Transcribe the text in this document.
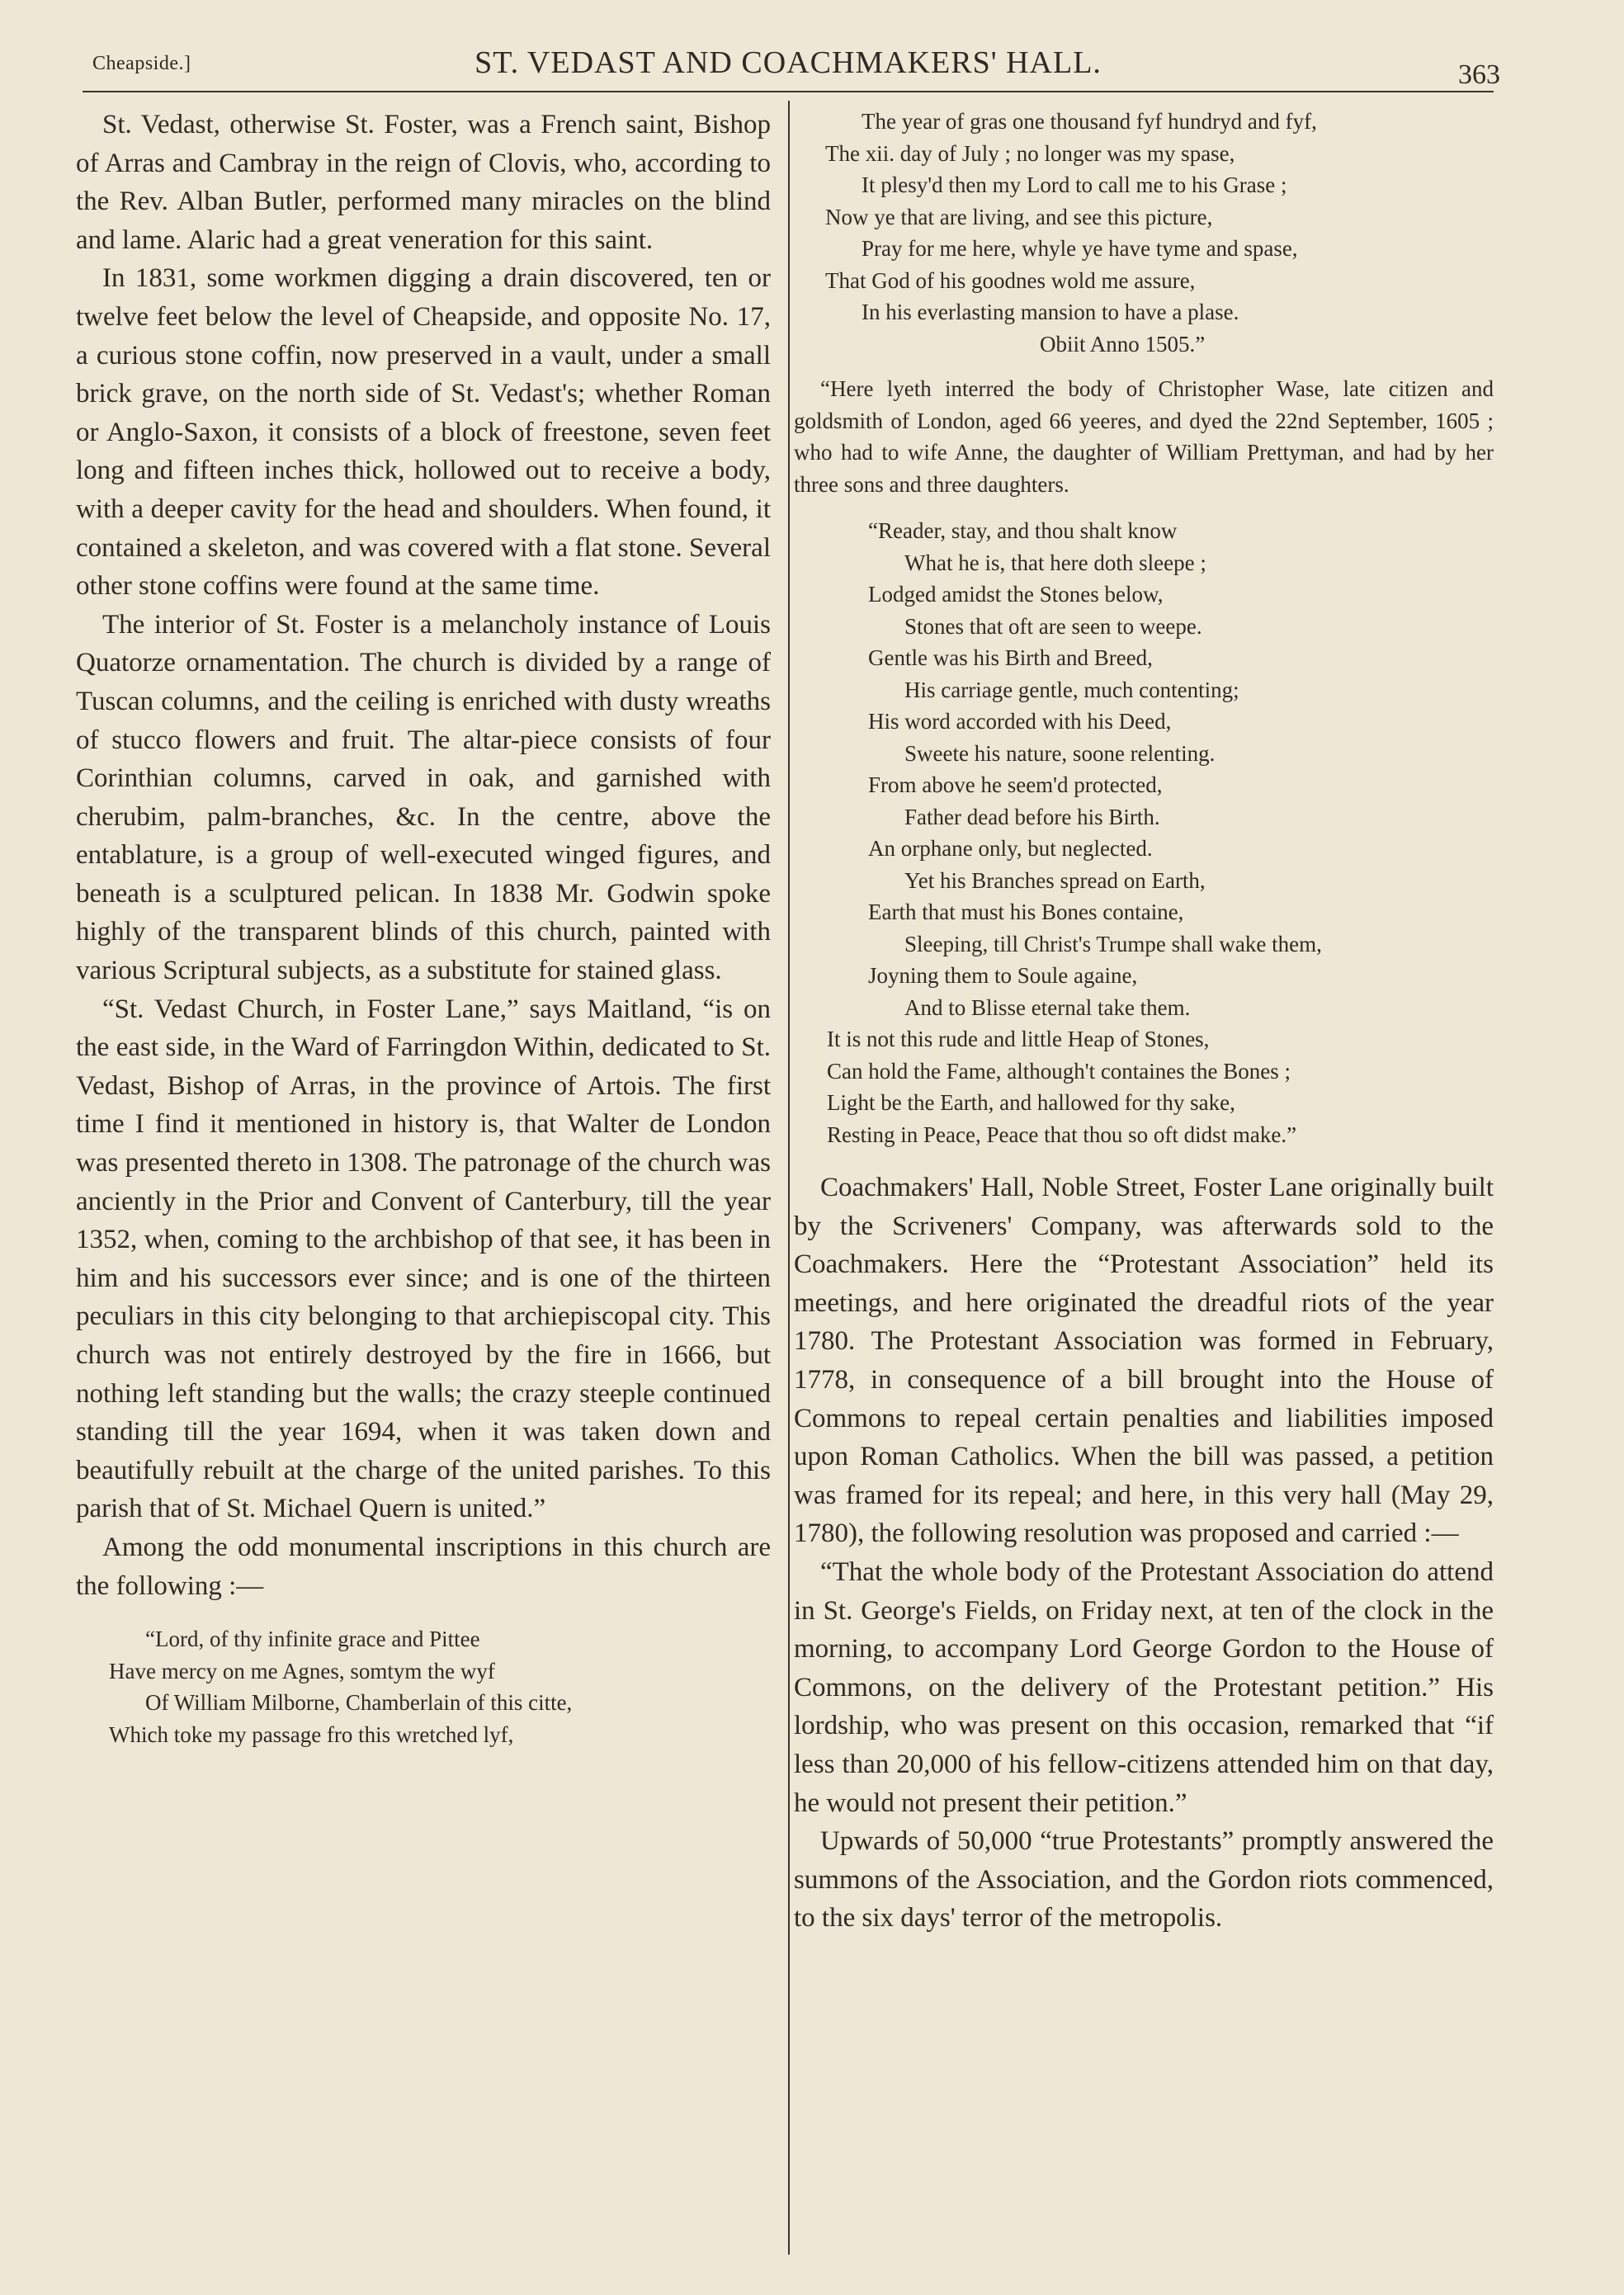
Cheapside.]	ST. VEDAST AND COACHMAKERS' HALL.	363

St. Vedast, otherwise St. Foster, was a French saint, Bishop of Arras and Cambray in the reign of Clovis, who, according to the Rev. Alban Butler, performed many miracles on the blind and lame. Alaric had a great veneration for this saint.

In 1831, some workmen digging a drain discovered, ten or twelve feet below the level of Cheapside, and opposite No. 17, a curious stone coffin, now preserved in a vault, under a small brick grave, on the north side of St. Vedast's; whether Roman or Anglo-Saxon, it consists of a block of freestone, seven feet long and fifteen inches thick, hollowed out to receive a body, with a deeper cavity for the head and shoulders. When found, it contained a skeleton, and was covered with a flat stone. Several other stone coffins were found at the same time.

The interior of St. Foster is a melancholy instance of Louis Quatorze ornamentation. The church is divided by a range of Tuscan columns, and the ceiling is enriched with dusty wreaths of stucco flowers and fruit. The altar-piece consists of four Corinthian columns, carved in oak, and garnished with cherubim, palm-branches, &c. In the centre, above the entablature, is a group of well-executed winged figures, and beneath is a sculptured pelican. In 1838 Mr. Godwin spoke highly of the transparent blinds of this church, painted with various Scriptural subjects, as a substitute for stained glass.

“St. Vedast Church, in Foster Lane,” says Maitland, “is on the east side, in the Ward of Farringdon Within, dedicated to St. Vedast, Bishop of Arras, in the province of Artois. The first time I find it mentioned in history is, that Walter de London was presented thereto in 1308. The patronage of the church was anciently in the Prior and Convent of Canterbury, till the year 1352, when, coming to the archbishop of that see, it has been in him and his successors ever since; and is one of the thirteen peculiars in this city belonging to that archiepiscopal city. This church was not entirely destroyed by the fire in 1666, but nothing left standing but the walls; the crazy steeple continued standing till the year 1694, when it was taken down and beautifully rebuilt at the charge of the united parishes. To this parish that of St. Michael Quern is united.”

Among the odd monumental inscriptions in this church are the following :—

“Lord, of thy infinite grace and Pittee
Have mercy on me Agnes, somtym the wyf
Of William Milborne, Chamberlain of this citte,
Which toke my passage fro this wretched lyf,
The year of gras one thousand fyf hundryd and fyf,
The xii. day of July ; no longer was my spase,
It plesy'd then my Lord to call me to his Grase ;
Now ye that are living, and see this picture,
Pray for me here, whyle ye have tyme and spase,
That God of his goodnes wold me assure,
In his everlasting mansion to have a plase.
Obiit Anno 1505.”

“Here lyeth interred the body of Christopher Wase, late citizen and goldsmith of London, aged 66 yeeres, and dyed the 22nd September, 1605 ; who had to wife Anne, the daughter of William Prettyman, and had by her three sons and three daughters.

“Reader, stay, and thou shalt know
What he is, that here doth sleepe ;
Lodged amidst the Stones below,
Stones that oft are seen to weepe.
Gentle was his Birth and Breed,
His carriage gentle, much contenting;
His word accorded with his Deed,
Sweete his nature, soone relenting.
From above he seem'd protected,
Father dead before his Birth.
An orphane only, but neglected.
Yet his Branches spread on Earth,
Earth that must his Bones containe,
Sleeping, till Christ's Trumpe shall wake them,
Joyning them to Soule againe,
And to Blisse eternal take them.
It is not this rude and little Heap of Stones,
Can hold the Fame, although't containes the Bones ;
Light be the Earth, and hallowed for thy sake,
Resting in Peace, Peace that thou so oft didst make.”

Coachmakers' Hall, Noble Street, Foster Lane originally built by the Scriveners' Company, was afterwards sold to the Coachmakers. Here the “Protestant Association” held its meetings, and here originated the dreadful riots of the year 1780. The Protestant Association was formed in February, 1778, in consequence of a bill brought into the House of Commons to repeal certain penalties and liabilities imposed upon Roman Catholics. When the bill was passed, a petition was framed for its repeal; and here, in this very hall (May 29, 1780), the following resolution was proposed and carried :—

“That the whole body of the Protestant Association do attend in St. George's Fields, on Friday next, at ten of the clock in the morning, to accompany Lord George Gordon to the House of Commons, on the delivery of the Protestant petition.” His lordship, who was present on this occasion, remarked that “if less than 20,000 of his fellow-citizens attended him on that day, he would not present their petition.”

Upwards of 50,000 “true Protestants” promptly answered the summons of the Association, and the Gordon riots commenced, to the six days' terror of the metropolis.
